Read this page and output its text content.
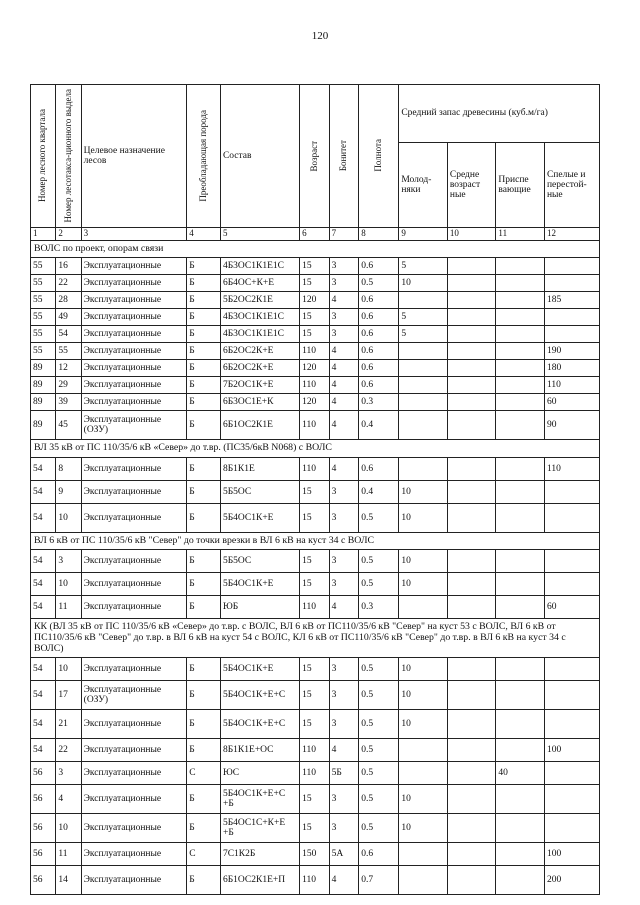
120
Номер лесного квартала	Номер лесотакса-ционного выдела	Целевое назначение лесов	Преобладающая порода	Состав	Возраст	Бонитет	Полнота	Средний запас древесины (куб.м/га)			
								Молод-няки	Средне возраст ные	Приспе вающие	Спелые и перестой-ные
1	2	3	4	5	6	7	8	9	10	11	12
ВОЛС по проект, опорам связи											
55	16	Эксплуатационные	Б	4Б3ОС1К1Е1С	15	3	0.6	5			
55	22	Эксплуатационные	Б	6Б4ОС+К+Е	15	3	0.5	10			
55	28	Эксплуатационные	Б	5Б2ОС2К1Е	120	4	0.6				185
55	49	Эксплуатационные	Б	4Б3ОС1К1Е1С	15	3	0.6	5			
55	54	Эксплуатационные	Б	4Б3ОС1К1Е1С	15	3	0.6	5			
55	55	Эксплуатационные	Б	6Б2ОС2К+Е	110	4	0.6				190
89	12	Эксплуатационные	Б	6Б2ОС2К+Е	120	4	0.6				180
89	29	Эксплуатационные	Б	7Б2ОС1К+Е	110	4	0.6				110
89	39	Эксплуатационные	Б	6Б3ОС1Е+К	120	4	0.3				60
89	45	Эксплуатационные (ОЗУ)	Б	6Б1ОС2К1Е	110	4	0.4				90
ВЛ 35 кВ от ПС 110/35/6 кВ «Север» до т.вр. (ПС35/6кВ N068) с ВОЛС											
54	8	Эксплуатационные	Б	8Б1К1Е	110	4	0.6				110
54	9	Эксплуатационные	Б	5Б5ОС	15	3	0.4	10			
54	10	Эксплуатационные	Б	5Б4ОС1К+Е	15	3	0.5	10			
ВЛ 6 кВ от ПС 110/35/6 кВ "Север" до точки врезки в ВЛ 6 кВ на куст 34 с ВОЛС											
54	3	Эксплуатационные	Б	5Б5ОС	15	3	0.5	10			
54	10	Эксплуатационные	Б	5Б4ОС1К+Е	15	3	0.5	10			
54	11	Эксплуатационные	Б	ЮБ	110	4	0.3				60
КК (ВЛ 35 кВ от ПС 110/35/6 кВ «Север» до т.вр. с ВОЛС, ВЛ 6 кВ от ПС110/35/6 кВ "Север" на куст 53 с ВОЛС, ВЛ 6 кВ от ПС110/35/6 кВ "Север" до т.вр. в ВЛ 6 кВ на куст 54 с ВОЛС, КЛ 6 кВ от ПС110/35/6 кВ "Север" до т.вр. в ВЛ 6 кВ на куст 34 с ВОЛС)											
54	10	Эксплуатационные	Б	5Б4ОС1К+Е	15	3	0.5	10			
54	17	Эксплуатационные (ОЗУ)	Б	5Б4ОС1К+Е+С	15	3	0.5	10			
54	21	Эксплуатационные	Б	5Б4ОС1К+Е+С	15	3	0.5	10			
54	22	Эксплуатационные	Б	8Б1К1Е+ОС	110	4	0.5				100
56	3	Эксплуатационные	С	ЮС	110	5Б	0.5			40	
56	4	Эксплуатационные	Б	5Б4ОС1К+Е+С +Б	15	3	0.5	10			
56	10	Эксплуатационные	Б	5Б4ОС1С+К+Е +Б	15	3	0.5	10			
56	11	Эксплуатационные	С	7С1К2Б	150	5А	0.6				100
56	14	Эксплуатационные	Б	6Б1ОС2К1Е+П	110	4	0.7				200
